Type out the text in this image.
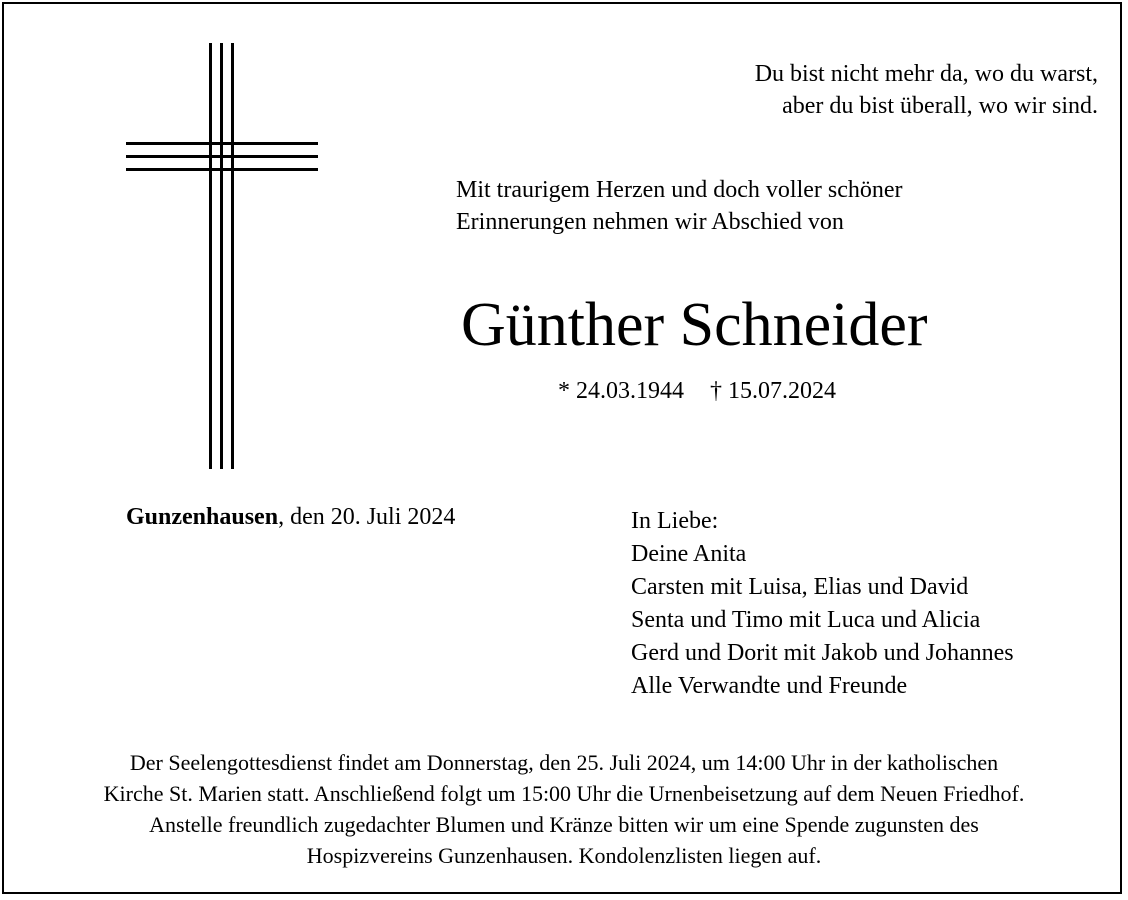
Du bist nicht mehr da, wo du warst,
aber du bist überall, wo wir sind.
Mit traurigem Herzen und doch voller schöner
Erinnerungen nehmen wir Abschied von
Günther Schneider
* 24.03.1944 † 15.07.2024
Gunzenhausen, den 20. Juli 2024	In Liebe:
Deine Anita
Carsten mit Luisa, Elias und David
Senta und Timo mit Luca und Alicia
Gerd und Dorit mit Jakob und Johannes
Alle Verwandte und Freunde
Der Seelengottesdienst findet am Donnerstag, den 25. Juli 2024, um 14:00 Uhr in der katholischen
Kirche St. Marien statt. Anschließend folgt um 15:00 Uhr die Urnenbeisetzung auf dem Neuen Friedhof.
Anstelle freundlich zugedachter Blumen und Kränze bitten wir um eine Spende zugunsten des
Hospizvereins Gunzenhausen. Kondolenzlisten liegen auf.
